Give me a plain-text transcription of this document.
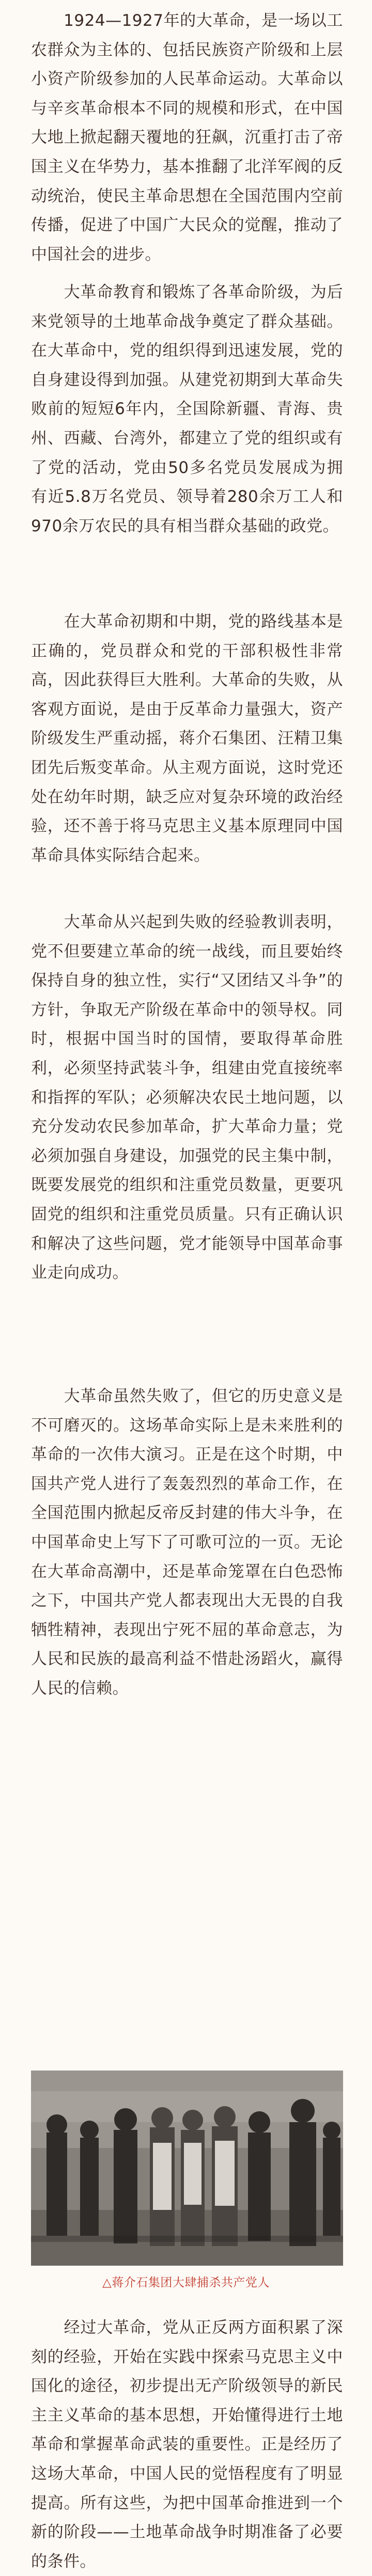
　　1924—1927年的大革命，是一场以工农群众为主体的、包括民族资产阶级和上层小资产阶级参加的人民革命运动。大革命以与辛亥革命根本不同的规模和形式，在中国大地上掀起翻天覆地的狂飙，沉重打击了帝国主义在华势力，基本推翻了北洋军阀的反动统治，使民主革命思想在全国范围内空前传播，促进了中国广大民众的觉醒，推动了中国社会的进步。

　　大革命教育和锻炼了各革命阶级，为后来党领导的土地革命战争奠定了群众基础。在大革命中，党的组织得到迅速发展，党的自身建设得到加强。从建党初期到大革命失败前的短短6年内，全国除新疆、青海、贵州、西藏、台湾外，都建立了党的组织或有了党的活动，党由50多名党员发展成为拥有近5.8万名党员、领导着280余万工人和970余万农民的具有相当群众基础的政党。

　　在大革命初期和中期，党的路线基本是正确的，党员群众和党的干部积极性非常高，因此获得巨大胜利。大革命的失败，从客观方面说，是由于反革命力量强大，资产阶级发生严重动摇，蒋介石集团、汪精卫集团先后叛变革命。从主观方面说，这时党还处在幼年时期，缺乏应对复杂环境的政治经验，还不善于将马克思主义基本原理同中国革命具体实际结合起来。

　　大革命从兴起到失败的经验教训表明，党不但要建立革命的统一战线，而且要始终保持自身的独立性，实行“又团结又斗争”的方针，争取无产阶级在革命中的领导权。同时，根据中国当时的国情，要取得革命胜利，必须坚持武装斗争，组建由党直接统率和指挥的军队；必须解决农民土地问题，以充分发动农民参加革命，扩大革命力量；党必须加强自身建设，加强党的民主集中制，既要发展党的组织和注重党员数量，更要巩固党的组织和注重党员质量。只有正确认识和解决了这些问题，党才能领导中国革命事业走向成功。

　　大革命虽然失败了，但它的历史意义是不可磨灭的。这场革命实际上是未来胜利的革命的一次伟大演习。正是在这个时期，中国共产党人进行了轰轰烈烈的革命工作，在全国范围内掀起反帝反封建的伟大斗争，在中国革命史上写下了可歌可泣的一页。无论在大革命高潮中，还是革命笼罩在白色恐怖之下，中国共产党人都表现出大无畏的自我牺牲精神，表现出宁死不屈的革命意志，为人民和民族的最高利益不惜赴汤蹈火，赢得人民的信赖。

△蒋介石集团大肆捕杀共产党人

　　经过大革命，党从正反两方面积累了深刻的经验，开始在实践中探索马克思主义中国化的途径，初步提出无产阶级领导的新民主主义革命的基本思想，开始懂得进行土地革命和掌握革命武装的重要性。正是经历了这场大革命，中国人民的觉悟程度有了明显提高。所有这些，为把中国革命推进到一个新的阶段——土地革命战争时期准备了必要的条件。
